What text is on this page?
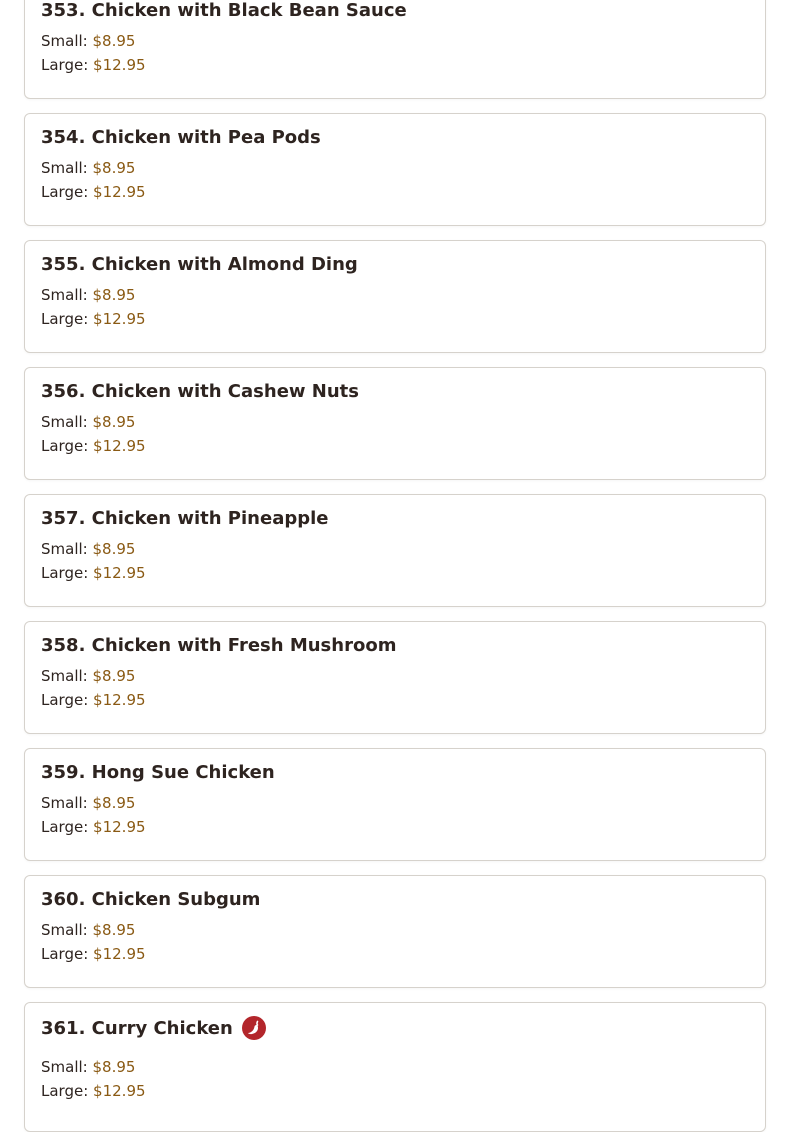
353. Chicken with Black Bean Sauce
Small: $8.95
Large: $12.95
354. Chicken with Pea Pods
Small: $8.95
Large: $12.95
355. Chicken with Almond Ding
Small: $8.95
Large: $12.95
356. Chicken with Cashew Nuts
Small: $8.95
Large: $12.95
357. Chicken with Pineapple
Small: $8.95
Large: $12.95
358. Chicken with Fresh Mushroom
Small: $8.95
Large: $12.95
359. Hong Sue Chicken
Small: $8.95
Large: $12.95
360. Chicken Subgum
Small: $8.95
Large: $12.95
361. Curry Chicken
Small: $8.95
Large: $12.95
